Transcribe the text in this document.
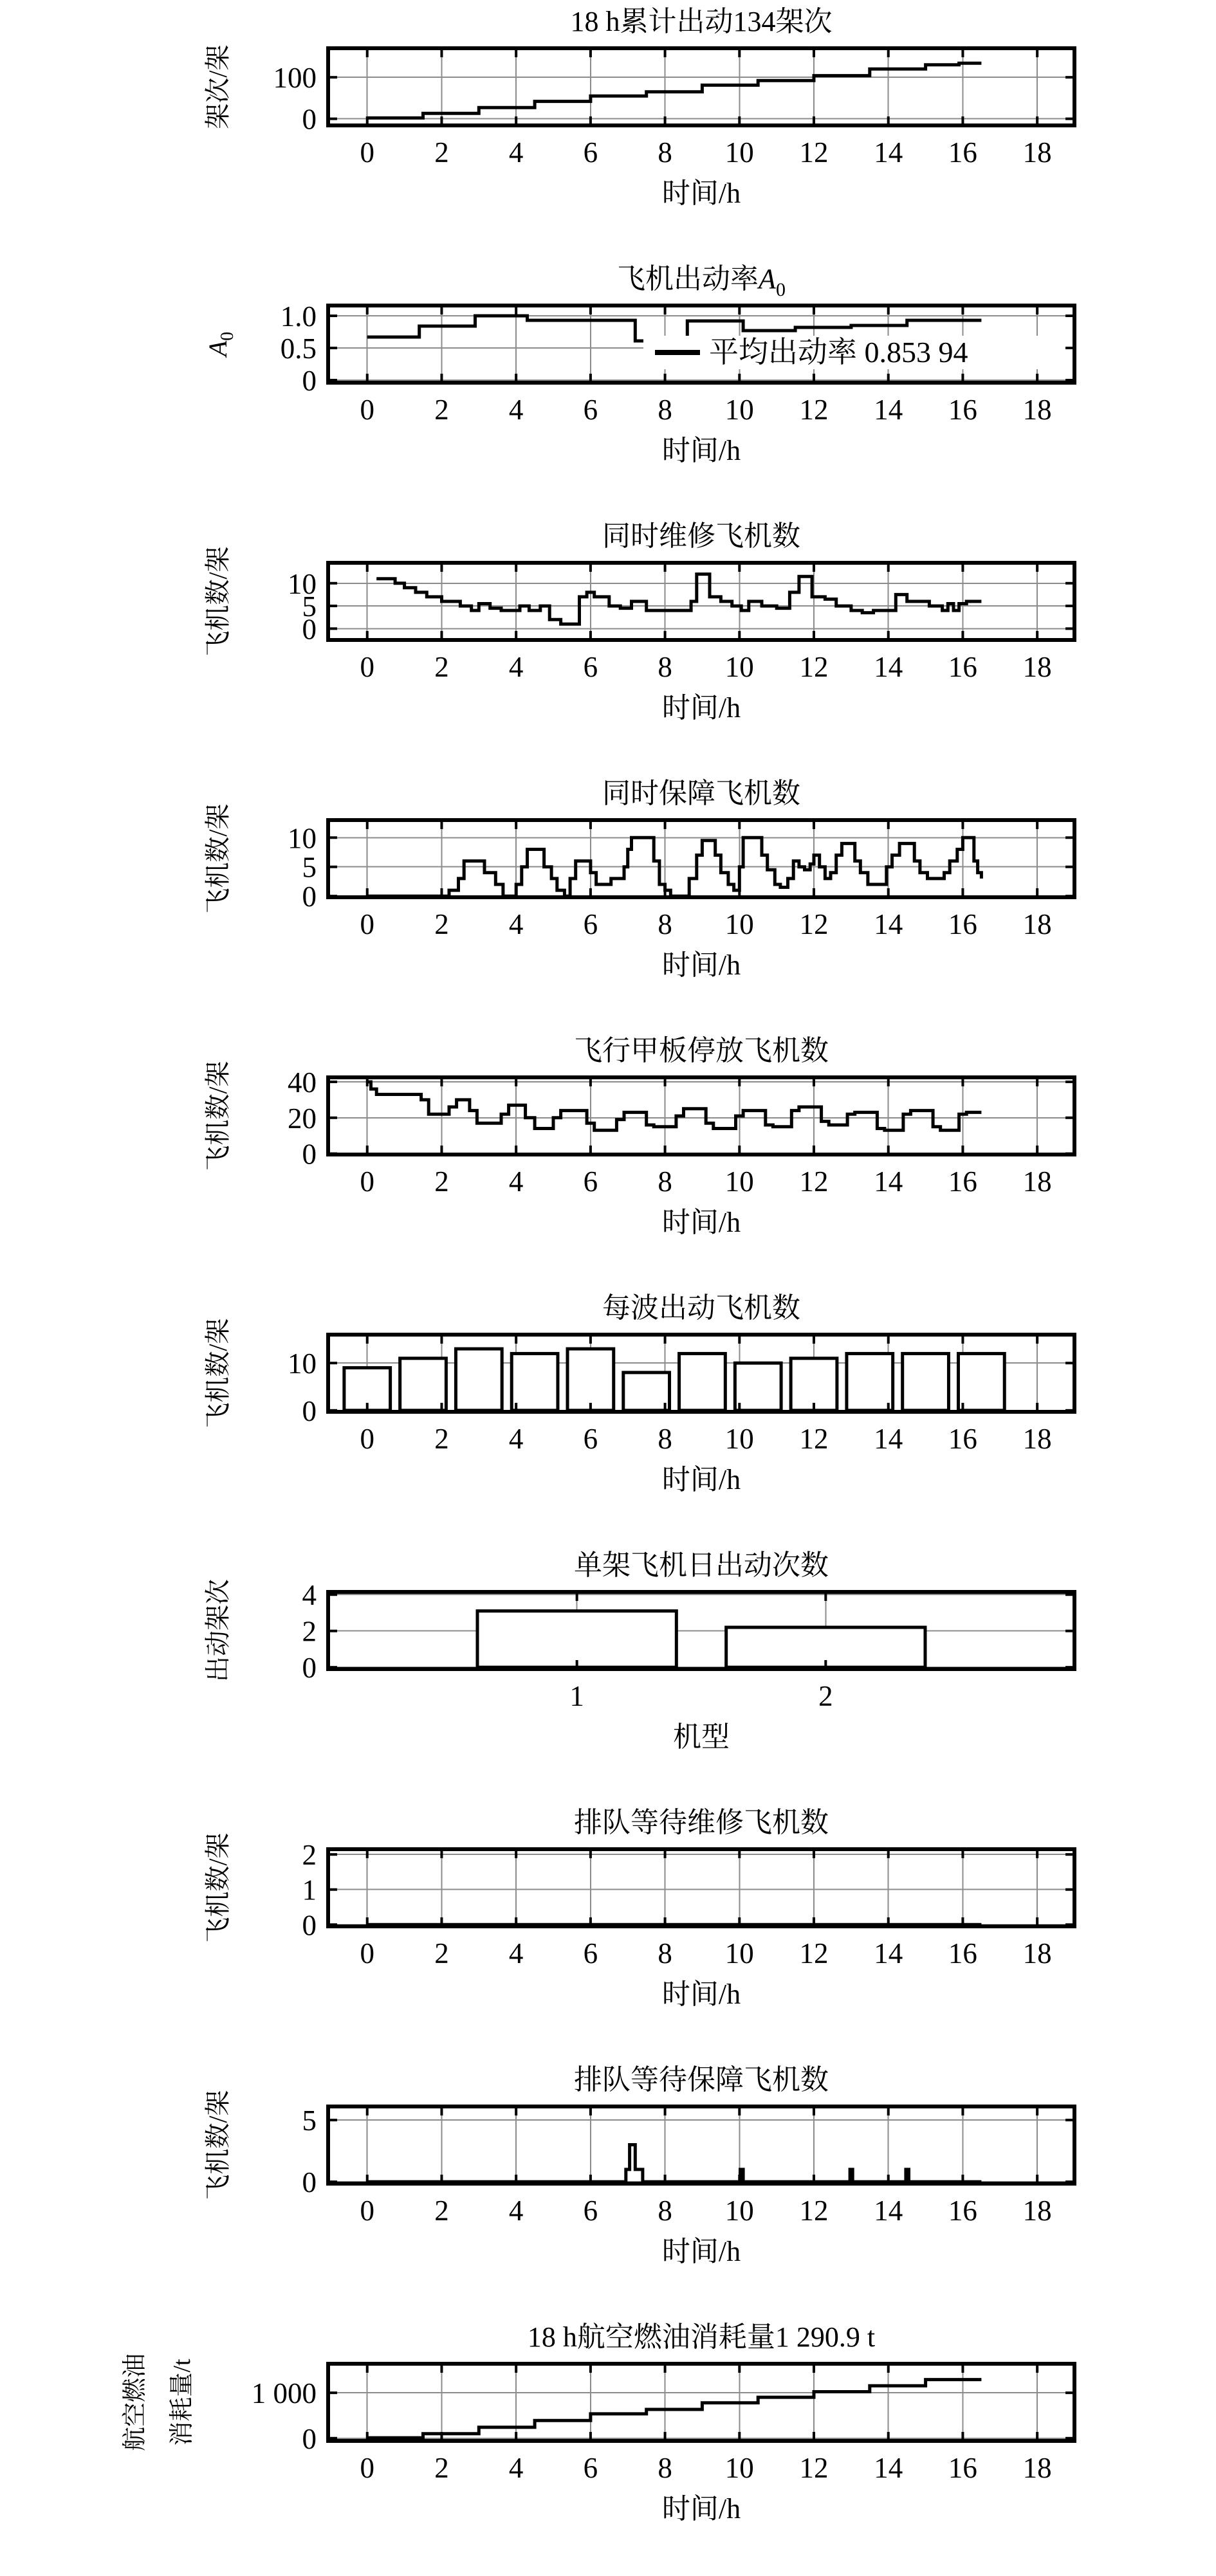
0 2 4 6 8 10 12 14 16 18
0
100
18 h累计出动134架次
架次/架
时间/h
平均出动率 0.853 94
0 2 4 6 8 10 12 14 16 18
0
0.5
1.0
飞机出动率$A_0$
$A_0$
时间/h
0 2 4 6 8 10 12 14 16 18
0
5
10
同时维修飞机数
飞机数/架
时间/h
0 2 4 6 8 10 12 14 16 18
0
5
10
同时保障飞机数
飞机数/架
时间/h
0 2 4 6 8 10 12 14 16 18
0
20
40
飞行甲板停放飞机数
飞机数/架
时间/h
0 2 4 6 8 10 12 14 16 18
0
10
每波出动飞机数
飞机数/架
时间/h
1	2
0
2
4
单架飞机日出动次数
出动架次
机型
0 2 4 6 8 10 12 14 16 18
0
1
2
排队等待维修飞机数
飞机数/架
时间/h
0 2 4 6 8 10 12 14 16 18
0
5
排队等待保障飞机数
飞机数/架
时间/h
0 2 4 6 8 10 12 14 16 18
0
1 000
18 h航空燃油消耗量1 290.9 t
航空燃油 消耗量/t
时间/h
